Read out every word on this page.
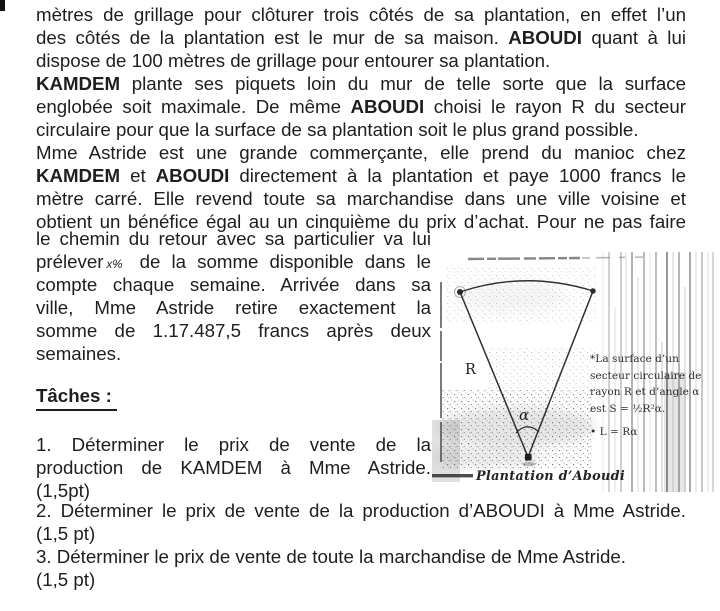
mètres de grillage pour clôturer trois côtés de sa plantation, en effet l’un
des côtés de la plantation est le mur de sa maison. ABOUDI quant à lui
dispose de 100 mètres de grillage pour entourer sa plantation.
KAMDEM plante ses piquets loin du mur de telle sorte que la surface
englobée soit maximale. De même ABOUDI choisi le rayon R du secteur
circulaire pour que la surface de sa plantation soit le plus grand possible.
Mme Astride est une grande commerçante, elle prend du manioc chez
KAMDEM et ABOUDI directement à la plantation et paye 1000 francs le
mètre carré. Elle revend toute sa marchandise dans une ville voisine et
obtient un bénéfice égal au un cinquième du prix d’achat. Pour ne pas faire
le chemin du retour avec sa particulier va lui
prélever x% de la somme disponible dans le
compte chaque semaine. Arrivée dans sa
ville, Mme Astride retire exactement la
somme de 1.17.487,5 francs après deux
semaines.
Tâches :
1. Déterminer le prix de vente de la
production de KAMDEM à Mme Astride.
(1,5pt)
2. Déterminer le prix de vente de la production d’ABOUDI à Mme Astride.
(1,5 pt)
3. Déterminer le prix de vente de toute la marchandise de Mme Astride.
(1,5 pt)
R
α
*La surface d’un
secteur circulaire de
rayon R et d’angle α
est S = ½R²α.
• L = Rα
Plantation d’Aboudi
